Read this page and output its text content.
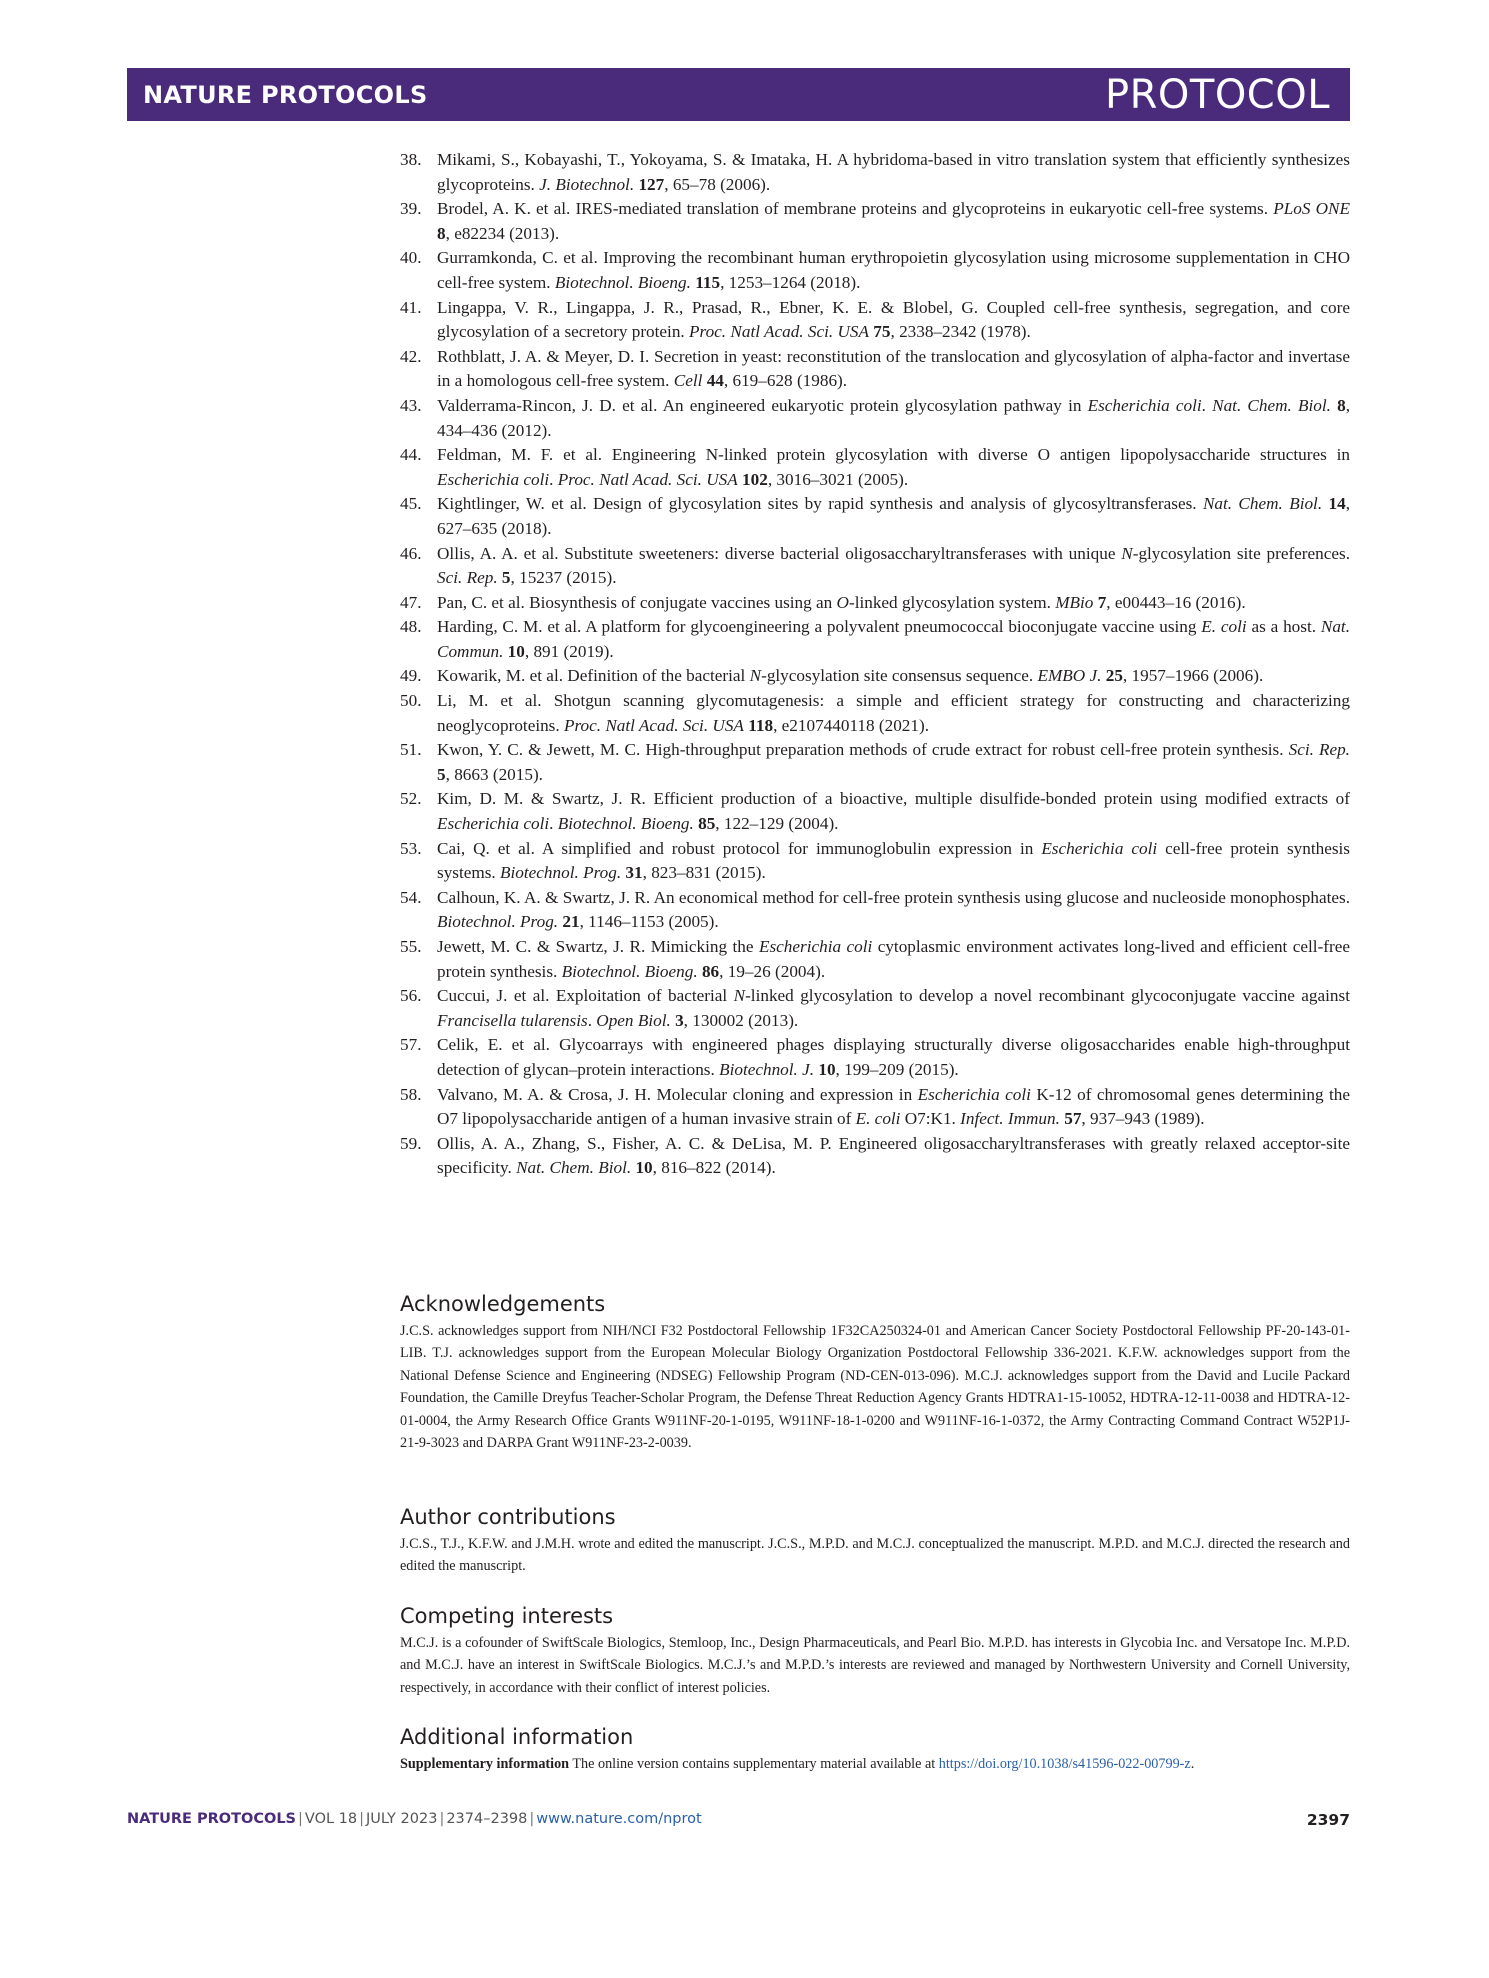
NATURE PROTOCOLS	PROTOCOL
38. Mikami, S., Kobayashi, T., Yokoyama, S. & Imataka, H. A hybridoma-based in vitro translation system that efficiently synthesizes glycoproteins. J. Biotechnol. 127, 65–78 (2006).
39. Brodel, A. K. et al. IRES-mediated translation of membrane proteins and glycoproteins in eukaryotic cell-free systems. PLoS ONE 8, e82234 (2013).
40. Gurramkonda, C. et al. Improving the recombinant human erythropoietin glycosylation using microsome supplementation in CHO cell-free system. Biotechnol. Bioeng. 115, 1253–1264 (2018).
41. Lingappa, V. R., Lingappa, J. R., Prasad, R., Ebner, K. E. & Blobel, G. Coupled cell-free synthesis, segregation, and core glycosylation of a secretory protein. Proc. Natl Acad. Sci. USA 75, 2338–2342 (1978).
42. Rothblatt, J. A. & Meyer, D. I. Secretion in yeast: reconstitution of the translocation and glycosylation of alpha-factor and invertase in a homologous cell-free system. Cell 44, 619–628 (1986).
43. Valderrama-Rincon, J. D. et al. An engineered eukaryotic protein glycosylation pathway in Escherichia coli. Nat. Chem. Biol. 8, 434–436 (2012).
44. Feldman, M. F. et al. Engineering N-linked protein glycosylation with diverse O antigen lipopolysaccharide structures in Escherichia coli. Proc. Natl Acad. Sci. USA 102, 3016–3021 (2005).
45. Kightlinger, W. et al. Design of glycosylation sites by rapid synthesis and analysis of glycosyltransferases. Nat. Chem. Biol. 14, 627–635 (2018).
46. Ollis, A. A. et al. Substitute sweeteners: diverse bacterial oligosaccharyltransferases with unique N-glycosylation site preferences. Sci. Rep. 5, 15237 (2015).
47. Pan, C. et al. Biosynthesis of conjugate vaccines using an O-linked glycosylation system. MBio 7, e00443–16 (2016).
48. Harding, C. M. et al. A platform for glycoengineering a polyvalent pneumococcal bioconjugate vaccine using E. coli as a host. Nat. Commun. 10, 891 (2019).
49. Kowarik, M. et al. Definition of the bacterial N-glycosylation site consensus sequence. EMBO J. 25, 1957–1966 (2006).
50. Li, M. et al. Shotgun scanning glycomutagenesis: a simple and efficient strategy for constructing and characterizing neoglycoproteins. Proc. Natl Acad. Sci. USA 118, e2107440118 (2021).
51. Kwon, Y. C. & Jewett, M. C. High-throughput preparation methods of crude extract for robust cell-free protein synthesis. Sci. Rep. 5, 8663 (2015).
52. Kim, D. M. & Swartz, J. R. Efficient production of a bioactive, multiple disulfide-bonded protein using modified extracts of Escherichia coli. Biotechnol. Bioeng. 85, 122–129 (2004).
53. Cai, Q. et al. A simplified and robust protocol for immunoglobulin expression in Escherichia coli cell-free protein synthesis systems. Biotechnol. Prog. 31, 823–831 (2015).
54. Calhoun, K. A. & Swartz, J. R. An economical method for cell-free protein synthesis using glucose and nucleoside monophosphates. Biotechnol. Prog. 21, 1146–1153 (2005).
55. Jewett, M. C. & Swartz, J. R. Mimicking the Escherichia coli cytoplasmic environment activates long-lived and efficient cell-free protein synthesis. Biotechnol. Bioeng. 86, 19–26 (2004).
56. Cuccui, J. et al. Exploitation of bacterial N-linked glycosylation to develop a novel recombinant glycoconjugate vaccine against Francisella tularensis. Open Biol. 3, 130002 (2013).
57. Celik, E. et al. Glycoarrays with engineered phages displaying structurally diverse oligosaccharides enable high-throughput detection of glycan–protein interactions. Biotechnol. J. 10, 199–209 (2015).
58. Valvano, M. A. & Crosa, J. H. Molecular cloning and expression in Escherichia coli K-12 of chromosomal genes determining the O7 lipopolysaccharide antigen of a human invasive strain of E. coli O7:K1. Infect. Immun. 57, 937–943 (1989).
59. Ollis, A. A., Zhang, S., Fisher, A. C. & DeLisa, M. P. Engineered oligosaccharyltransferases with greatly relaxed acceptor-site specificity. Nat. Chem. Biol. 10, 816–822 (2014).
Acknowledgements

J.C.S. acknowledges support from NIH/NCI F32 Postdoctoral Fellowship 1F32CA250324-01 and American Cancer Society Postdoctoral Fellowship PF-20-143-01-LIB. T.J. acknowledges support from the European Molecular Biology Organization Postdoctoral Fellowship 336-2021. K.F.W. acknowledges support from the National Defense Science and Engineering (NDSEG) Fellowship Program (ND-CEN-013-096). M.C.J. acknowledges support from the David and Lucile Packard Foundation, the Camille Dreyfus Teacher-Scholar Program, the Defense Threat Reduction Agency Grants HDTRA1-15-10052, HDTRA-12-11-0038 and HDTRA-12-01-0004, the Army Research Office Grants W911NF-20-1-0195, W911NF-18-1-0200 and W911NF-16-1-0372, the Army Contracting Command Contract W52P1J-21-9-3023 and DARPA Grant W911NF-23-2-0039.

Author contributions

J.C.S., T.J., K.F.W. and J.M.H. wrote and edited the manuscript. J.C.S., M.P.D. and M.C.J. conceptualized the manuscript. M.P.D. and M.C.J. directed the research and edited the manuscript.

Competing interests

M.C.J. is a cofounder of SwiftScale Biologics, Stemloop, Inc., Design Pharmaceuticals, and Pearl Bio. M.P.D. has interests in Glycobia Inc. and Versatope Inc. M.P.D. and M.C.J. have an interest in SwiftScale Biologics. M.C.J.’s and M.P.D.’s interests are reviewed and managed by Northwestern University and Cornell University, respectively, in accordance with their conflict of interest policies.

Additional information

Supplementary information The online version contains supplementary material available at https://doi.org/10.1038/s41596-022-00799-z.

NATURE PROTOCOLS | VOL 18 | JULY 2023 | 2374–2398 | www.nature.com/nprot	2397
